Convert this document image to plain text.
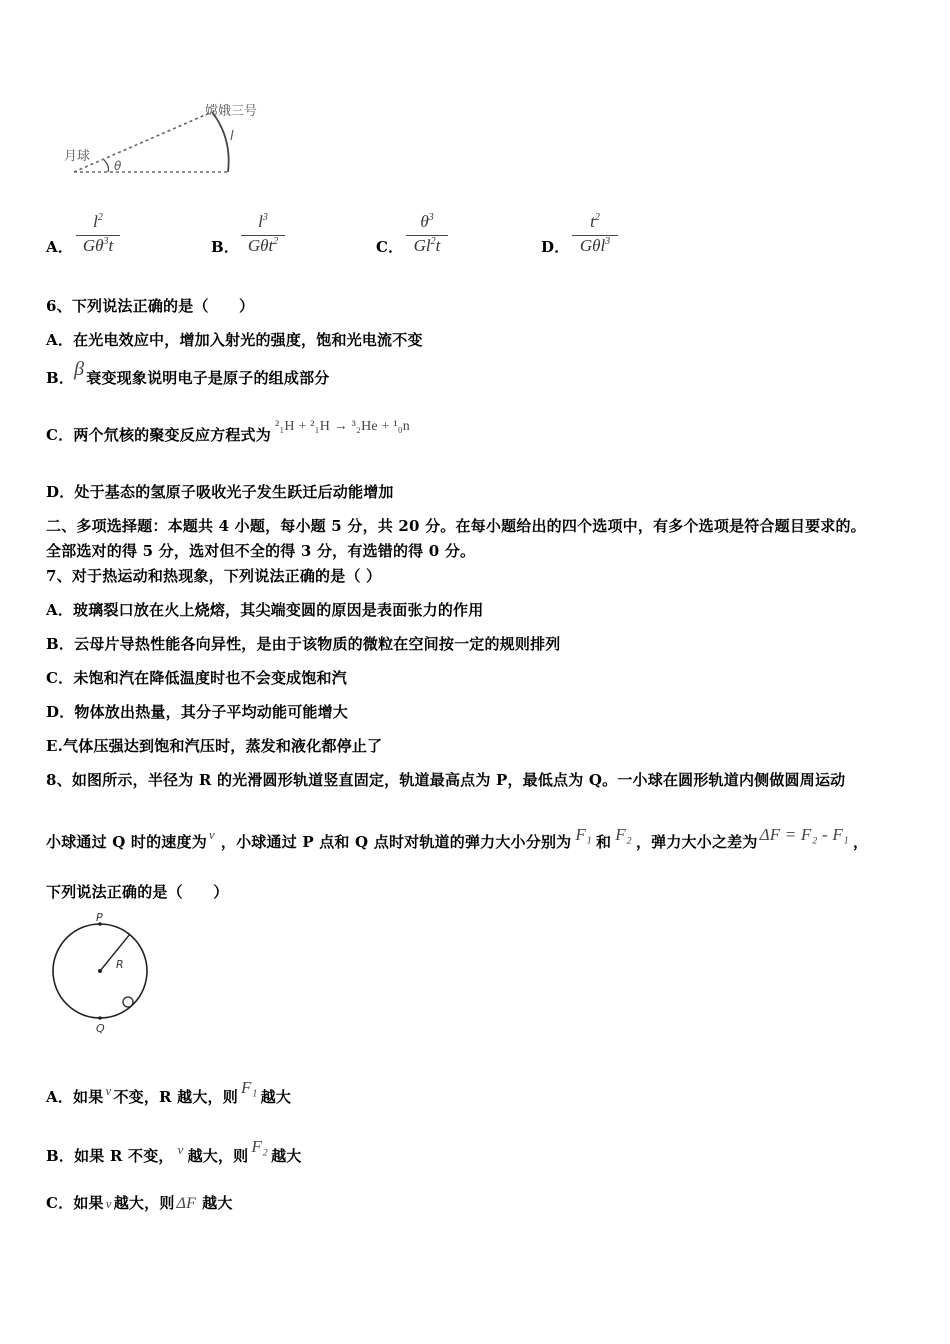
月球
嫦娥三号
l
θ
A．
$l^2$
$G\theta^3t$	B．
$l^3$
Gθt$^2$	C．
$\theta^3$
Gl$^2$t	D．
$t^2$
Gθl$^3$
6、下列说法正确的是（　　）
A．在光电效应中，增加入射光的强度，饱和光电流不变
B．β 衰变现象说明电子是原子的组成部分
C．两个氘核的聚变反应方程式为 ²₁H + ²₁H → ³₂He + ¹₀n
D．处于基态的氢原子吸收光子发生跃迁后动能增加
二、多项选择题：本题共 4 小题，每小题 5 分，共 20 分。在每小题给出的四个选项中，有多个选项是符合题目要求的。
全部选对的得 5 分，选对但不全的得 3 分，有选错的得 0 分。
7、对于热运动和热现象，下列说法正确的是（ ）
A．玻璃裂口放在火上烧熔，其尖端变圆的原因是表面张力的作用
B．云母片导热性能各向异性，是由于该物质的微粒在空间按一定的规则排列
C．未饱和汽在降低温度时也不会变成饱和汽
D．物体放出热量，其分子平均动能可能增大
E.气体压强达到饱和汽压时，蒸发和液化都停止了
8、如图所示，半径为 R 的光滑圆形轨道竖直固定，轨道最高点为 P，最低点为 Q。一小球在圆形轨道内侧做圆周运动
小球通过 Q 时的速度为 v ，小球通过 P 点和 Q 点时对轨道的弹力大小分别为 F₁ 和 F₂ ，弹力大小之差为 ΔF = F₂ - F₁ ，
下列说法正确的是（　　）
P
R
Q
A．如果 v 不变，R 越大，则 F₁ 越大
B．如果 R 不变， v 越大，则 F₂ 越大
C．如果 v 越大，则 ΔF 越大
